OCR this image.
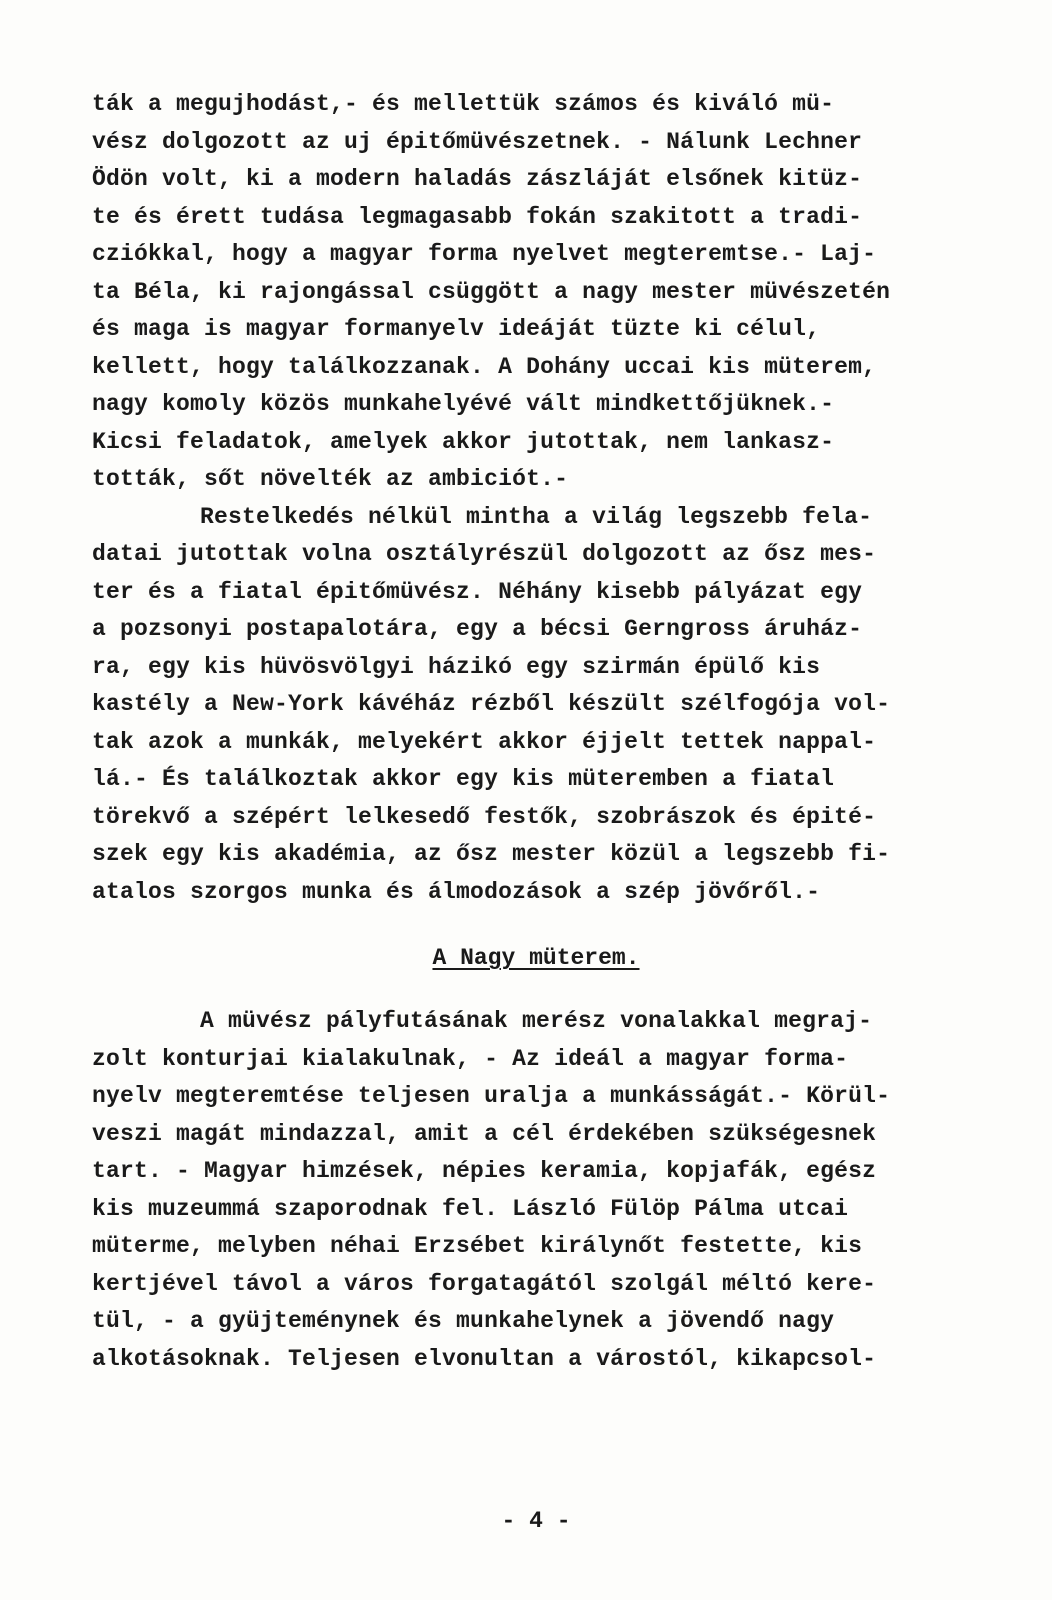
ták a megujhodást,- és mellettük számos és kiváló mü-
vész dolgozott az uj épitőmüvészetnek. - Nálunk Lechner
Ödön volt, ki a modern haladás zászláját elsőnek kitüz-
te és érett tudása legmagasabb fokán szakitott a tradi-
cziókkal, hogy a magyar forma nyelvet megteremtse.- Laj-
ta Béla, ki rajongással csüggött a nagy mester müvészetén
és maga is magyar formanyelv ideáját tüzte ki célul,
kellett, hogy találkozzanak. A Dohány uccai kis müterem,
nagy komoly közös munkahelyévé vált mindkettőjüknek.-
Kicsi feladatok, amelyek akkor jutottak, nem lankasz-
tották, sőt növelték az ambiciót.-
Restelkedés nélkül mintha a világ legszebb fela-
datai jutottak volna osztályrészül dolgozott az ősz mes-
ter és a fiatal épitőmüvész. Néhány kisebb pályázat egy
a pozsonyi postapalotára, egy a bécsi Gerngross áruház-
ra, egy kis hüvösvölgyi házikó egy szirmán épülő kis
kastély a New-York kávéház rézből készült szélfogója vol-
tak azok a munkák, melyekért akkor éjjelt tettek nappal-
lá.- És találkoztak akkor egy kis müteremben a fiatal
törekvő a szépért lelkesedő festők, szobrászok és épité-
szek egy kis akadémia, az ősz mester közül a legszebb fi-
atalos szorgos munka és álmodozások a szép jövőről.-
A Nagy müterem.
A müvész pályfutásának merész vonalakkal megraj-
zolt konturjai kialakulnak, - Az ideál a magyar forma-
nyelv megteremtése teljesen uralja a munkásságát.- Körül-
veszi magát mindazzal, amit a cél érdekében szükségesnek
tart. - Magyar himzések, népies keramia, kopjafák, egész
kis muzeummá szaporodnak fel. László Fülöp Pálma utcai
müterme, melyben néhai Erzsébet királynőt festette, kis
kertjével távol a város forgatagától szolgál méltó kere-
tül, - a gyüjteménynek és munkahelynek a jövendő nagy
alkotásoknak. Teljesen elvonultan a várostól, kikapcsol-
- 4 -
